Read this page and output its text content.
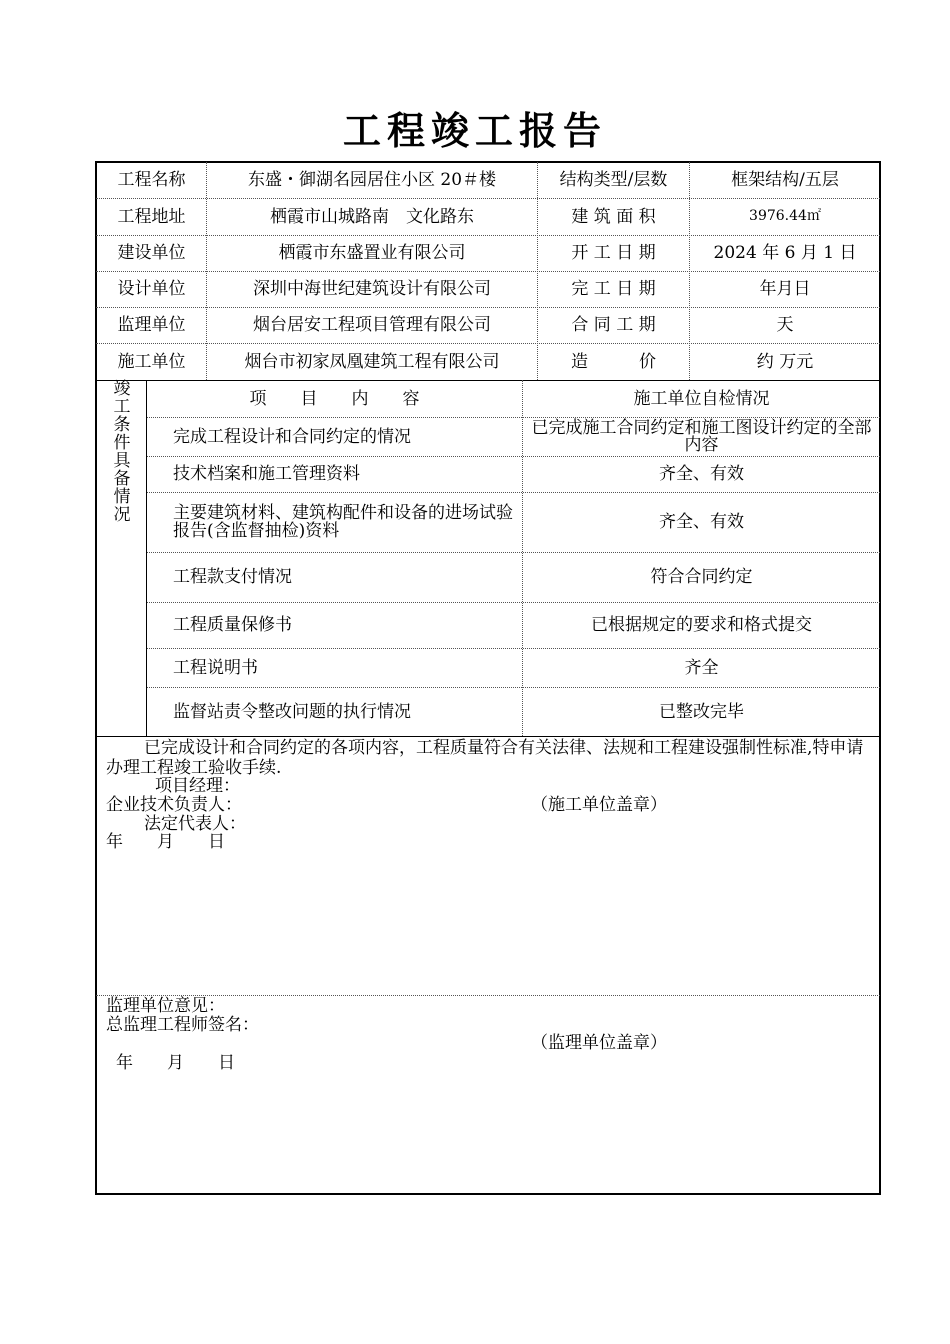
工程竣工报告
工程名称	东盛・御湖名园居住小区 20＃楼	结构类型/层数	框架结构/五层
工程地址	栖霞市山城路南　文化路东	建 筑 面 积	3976.44㎡
建设单位	栖霞市东盛置业有限公司	开 工 日 期	2024 年 6 月 1 日
设计单位	深圳中海世纪建筑设计有限公司	完 工 日 期	年月日
监理单位	烟台居安工程项目管理有限公司	合 同 工 期	天
施工单位	烟台市初家凤凰建筑工程有限公司	造　　　价	约 万元
竣工条件具备情况
项　　目　　内　　容	施工单位自检情况
完成工程设计和合同约定的情况	已完成施工合同约定和施工图设计约定的全部内容
技术档案和施工管理资料	齐全、有效
主要建筑材料、建筑构配件和设备的进场试验报告(含监督抽检)资料	齐全、有效
工程款支付情况	符合合同约定
工程质量保修书	已根据规定的要求和格式提交
工程说明书	齐全
监督站责令整改问题的执行情况	已整改完毕
已完成设计和合同约定的各项内容，工程质量符合有关法律、法规和工程建设强制性标准,特申请办理工程竣工验收手续.
项目经理：
企业技术负责人：	（施工单位盖章）
法定代表人：
年　　月　　日
监理单位意见：
总监理工程师签名：
（监理单位盖章）
年　　月　　日
